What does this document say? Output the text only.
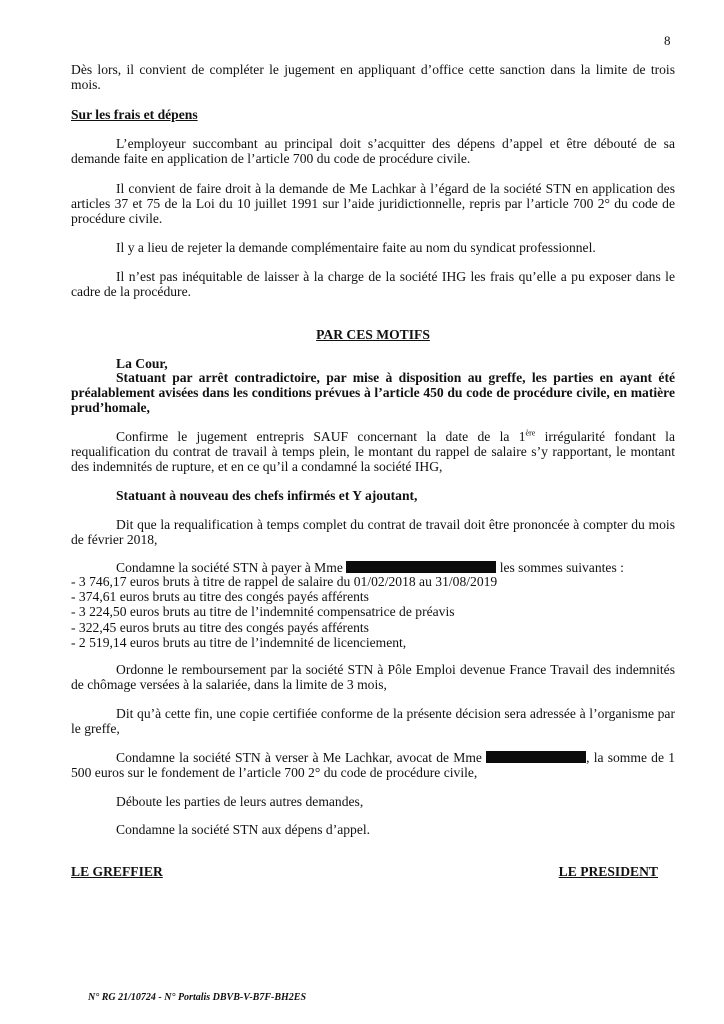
8

Dès lors, il convient de compléter le jugement en appliquant d’office cette sanction dans la limite de trois mois.

Sur les frais et dépens

L’employeur succombant au principal doit s’acquitter des dépens d’appel et être débouté de sa demande faite en application de l’article 700 du code de procédure civile.

Il convient de faire droit à la demande de Me Lachkar à l’égard de la société STN en application des articles 37 et 75 de la Loi du 10 juillet 1991 sur l’aide juridictionnelle, repris par l’article 700 2° du code de procédure civile.

Il y a lieu de rejeter la demande complémentaire faite au nom du syndicat professionnel.

Il n’est pas inéquitable de laisser à la charge de la société IHG les frais qu’elle a pu exposer dans le cadre de la procédure.

PAR CES MOTIFS

La Cour,

Statuant par arrêt contradictoire, par mise à disposition au greffe, les parties en ayant été préalablement avisées dans les conditions prévues à l’article 450 du code de procédure civile, en matière prud’homale,

Confirme le jugement entrepris SAUF concernant la date de la 1ère irrégularité fondant la requalification du contrat de travail à temps plein, le montant du rappel de salaire s’y rapportant, le montant des indemnités de rupture, et en ce qu’il a condamné la société IHG,

Statuant à nouveau des chefs infirmés et Y ajoutant,

Dit que la requalification à temps complet du contrat de travail doit être prononcée à compter du mois de février 2018,

Condamne la société STN à payer à Mme	les sommes suivantes :

- 3 746,17 euros bruts à titre de rappel de salaire du 01/02/2018 au 31/08/2019
- 374,61 euros bruts au titre des congés payés afférents
- 3 224,50 euros bruts au titre de l’indemnité compensatrice de préavis
- 322,45 euros bruts au titre des congés payés afférents
- 2 519,14 euros bruts au titre de l’indemnité de licenciement,

Ordonne le remboursement par la société STN à Pôle Emploi devenue France Travail des indemnités de chômage versées à la salariée, dans la limite de 3 mois,

Dit qu’à cette fin, une copie certifiée conforme de la présente décision sera adressée à l’organisme par le greffe,

Condamne la société STN à verser à Me Lachkar, avocat de Mme	, la somme de 1 500 euros sur le fondement de l’article 700 2° du code de procédure civile,

Déboute les parties de leurs autres demandes,

Condamne la société STN aux dépens d’appel.

LE GREFFIER	LE PRESIDENT

N° RG 21/10724 - N° Portalis DBVB-V-B7F-BH2ES
